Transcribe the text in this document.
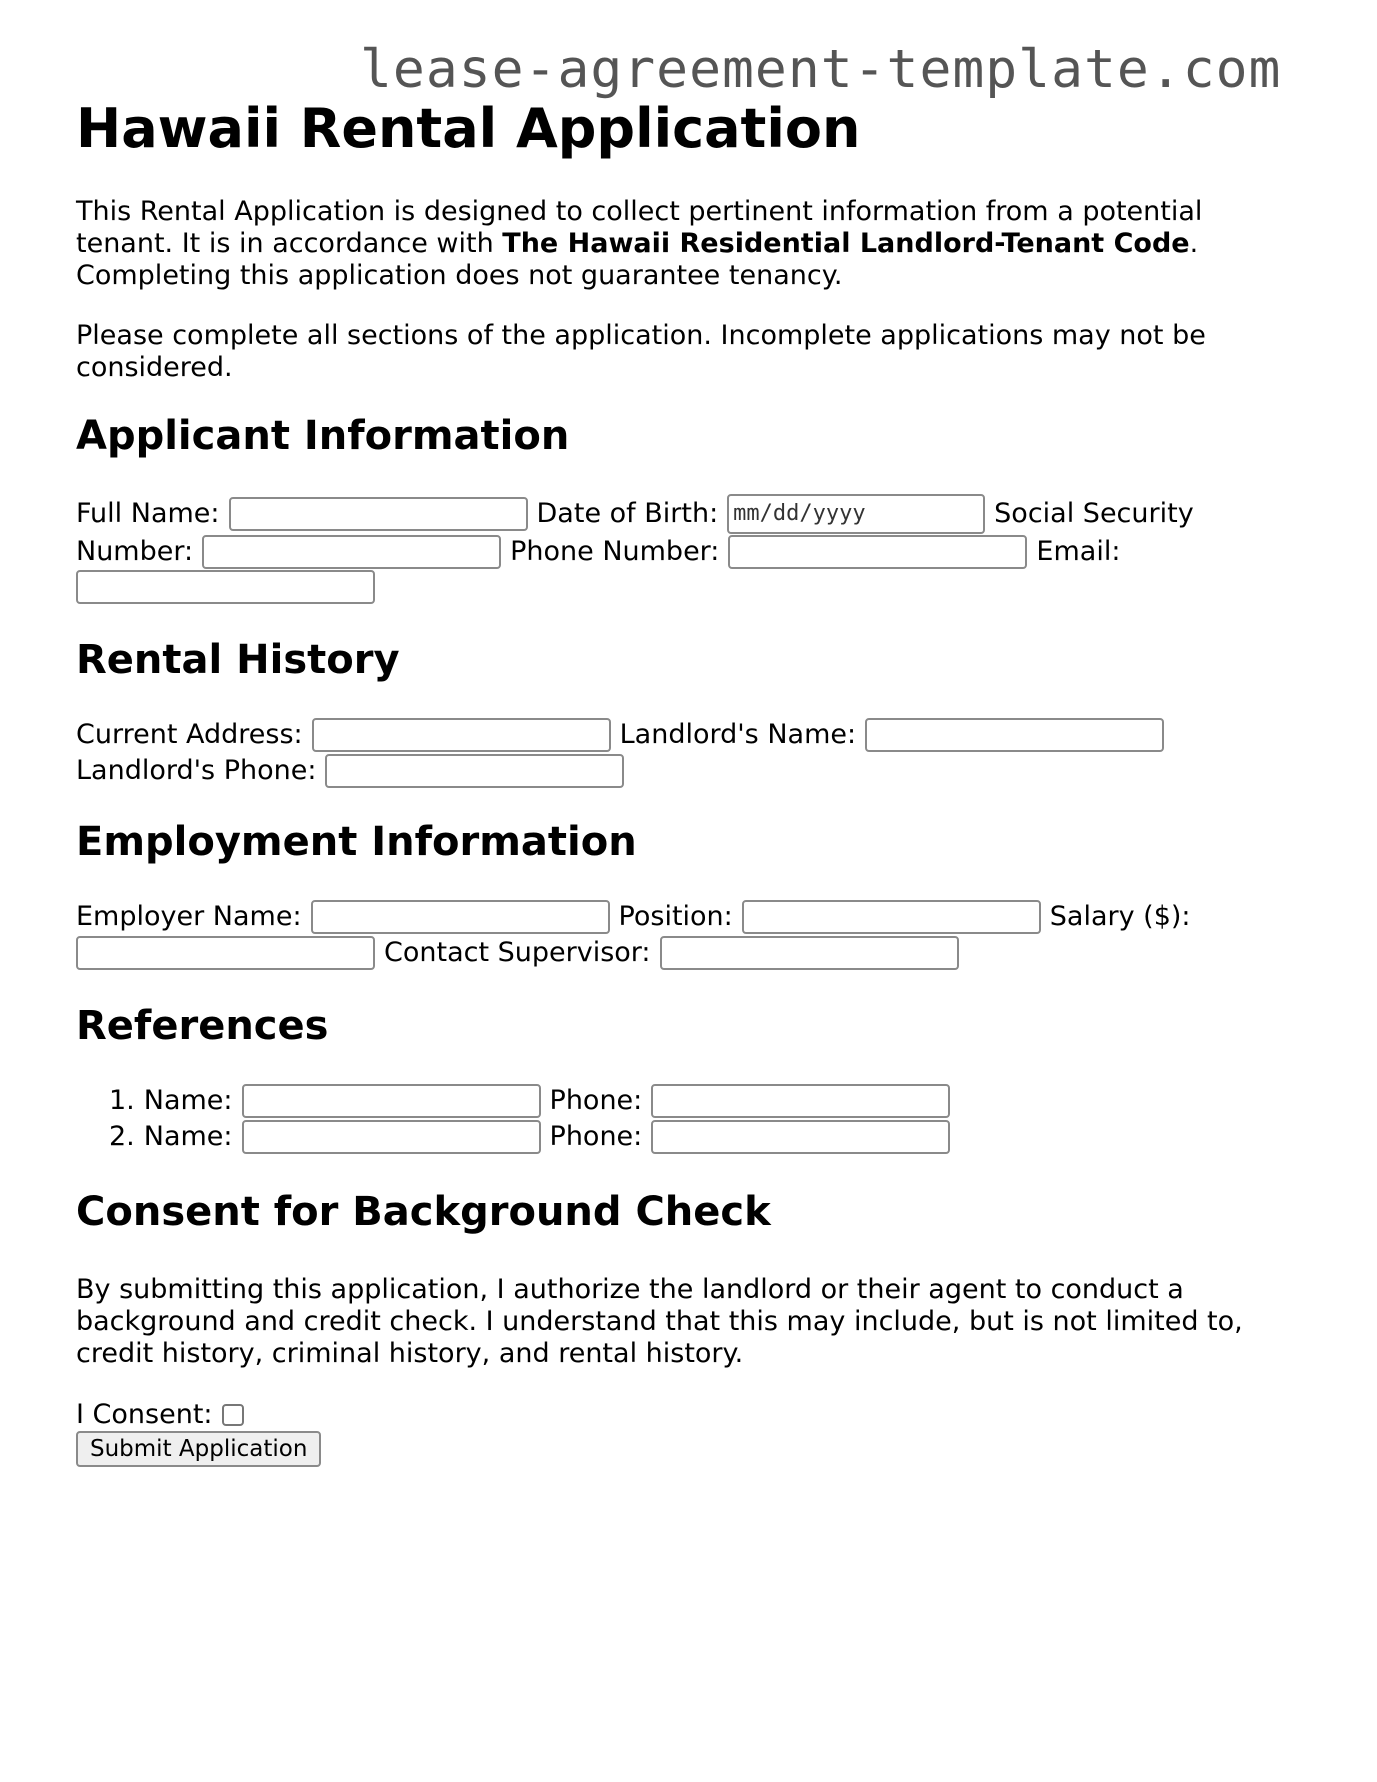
lease-agreement-template.com
Hawaii Rental Application

This Rental Application is designed to collect pertinent information from a potential tenant. It is in accordance with The Hawaii Residential Landlord-Tenant Code. Completing this application does not guarantee tenancy.

Please complete all sections of the application. Incomplete applications may not be considered.

Applicant Information
Full Name:	Date of Birth: mm/dd/yyyy	Social Security
Number:	Phone Number:	Email:
Rental History
Current Address:	Landlord's Name:
Landlord's Phone:
Employment Information
Employer Name:	Position:	Salary ($):
Contact Supervisor:
References
1. Name:	Phone:
2. Name:	Phone:
Consent for Background Check

By submitting this application, I authorize the landlord or their agent to conduct a background and credit check. I understand that this may include, but is not limited to, credit history, criminal history, and rental history.

I Consent:
Submit Application
